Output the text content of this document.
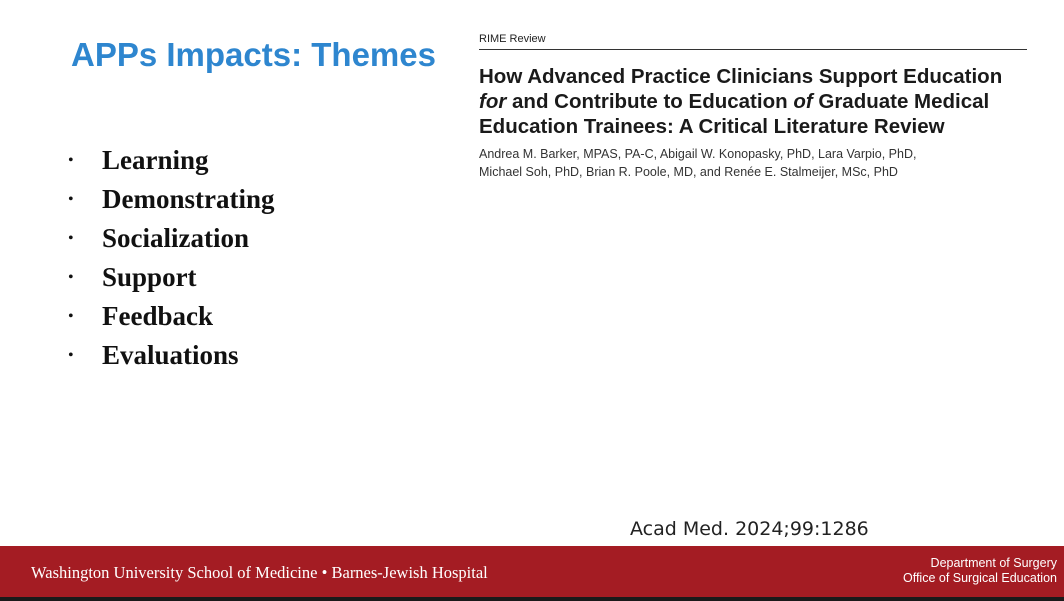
APPs Impacts: Themes
• Learning
• Demonstrating
• Socialization
• Support
• Feedback
• Evaluations
RIME Review
How Advanced Practice Clinicians Support Education for and Contribute to Education of Graduate Medical Education Trainees: A Critical Literature Review
Andrea M. Barker, MPAS, PA-C, Abigail W. Konopasky, PhD, Lara Varpio, PhD,
Michael Soh, PhD, Brian R. Poole, MD, and Renée E. Stalmeijer, MSc, PhD
Acad Med. 2024;99:1286
Washington University School of Medicine • Barnes-Jewish Hospital	Department of Surgery
Office of Surgical Education
